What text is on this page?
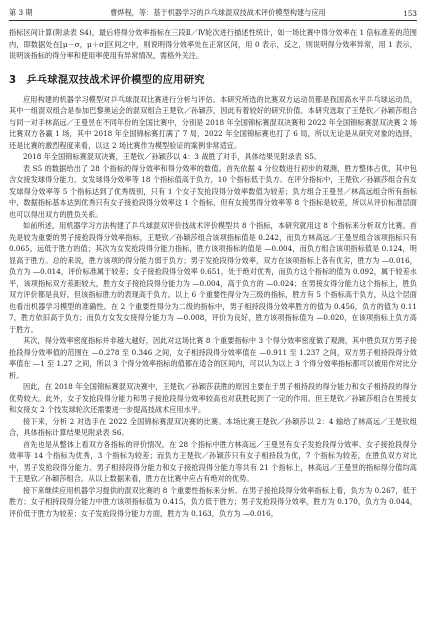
第 3 期	曹烨程，等：基于机器学习的乒乓球混双技战术评价模型构建与应用	153

指标区间计算(附录表 S4)，最后将得分效率指标在三段Ⅱ／Ⅳ轮次进行描述性统计，如一场比赛中得分效率在 1 倍标准差的范围内，即数据处在[μ－σ，μ＋σ]区间之中，则说明得分效率处在正常区间，用 0 表示，反之，则说明得分效率异常，用 1 表示，说明该指标的得分率和使用率使用有异常情况，需格外关注。

3 乒乓球混双技战术评价模型的应用研究

应用构建的机器学习模型对乒乓球混双比赛进行分析与评估。本研究所选的比赛双方运动员都是我国高水平乒乓球运动员，其中一组混双组合是参加巴黎奥运会的混双组合王楚钦／孙颖莎，因此有着较好的研究价值。本研究选取了王楚钦／孙颖莎组合与同一对手林高远／王曼昱在不同年份的全国比赛中，分别是 2018 年全国锦标赛混双决赛和 2022 年全国锦标赛混双决赛 2 场比赛双方各赢 1 场，其中 2018 年全国锦标赛打满了 7 局，2022 年全国锦标赛也打了 6 局，所以无论是从研究对象的选择，还是比赛的激烈程度来看，以这 2 场比赛作为模型验证的案例非常适宜。

2018 年全国锦标赛混双决赛，王楚钦／孙颖莎以 4：3 战胜了对手，具体结果见附录表 S5。

表 S5 的数据给出了 28 个指标的得分效率和得分效率的数值。首先依据 4 分位数进行初步的观测，胜方整体占优，其中包含女接发球得分能力、女发球得分效率等 18 个指标值高于负方，10 个指标低于负方。在评分指标中，王楚钦／孙颖莎组合有女发球得分效率等 5 个指标达到了优秀级别，只有 1 个女子发抢段得分效率数值为较差；负方组合王曼昱／林高远组合所有指标中，数据指标基本达到优秀只有女子接抢段得分效率这 1 个指标，但有女接男得分效率等 8 个指标是较差，所以从评价标准层面也可以得出双方的胜负关系。

如前所述，用机器学习方法构建了乒乓球混双评价技战术评价模型共 8 个指标，本研究就用这 8 个指标来分析双方比赛。首先是较为重要的男子接抢段得分效率指标，王楚钦／孙颖莎组合该项指标值是 0.242，而负方林高远／王曼昱组合该项指标只有 0.065，远低于胜方的值；其次为女发抢段得分能力指标，胜方该项指标的值是 —0.004，而负方组合该项指标值是 0.124，明显高于胜方。总的来说，胜方该项的得分能力弱于负方；男子发抢段得分效率，双方在该项指标上各有优劣，胜方为 —0.016，负方为 —0.014，评价标准属于较差；女子接抢段得分效率 0.651，处于绝对优秀，而负方这个指标的值为 0.092，属于较差水平，该项指标双方差距较大，胜方女子接抢段得分能力为 —0.004，高于负方的 —0.024；在男接女得分能力这个指标上，胜负双方评价都是良好，但该指标胜方的表现高于负方。以上 6 个重要性得分为三级的指标，胜方有 5 个指标高于负方，从这个层面也看出机器学习模型的准确性。在 2 个重要性得分为二级的指标中，男子相持段得分效率胜方的值为 0.456，负方的值为 0.117，胜方依旧高于负方；而负方女发女接得分能力为 —0.008，评价为良好，胜方该项指标值为 —0.020，在该项指标上负方高于胜方。

其次，得分效率密度指标并非越大越好，因此对这场比赛 8 个重要指标中 3 个得分效率密度做了观测，其中胜负双方男子接抢段得分效率值的范围在 —0.278 至 0.346 之间，女子相持段得分效率值在 —0.911 至 1.237 之间，双方男子相持段得分效率值在 —1 至 1.27 之间，所以 3 个得分效率指标的值都在适合的区间内，可以认为以上 3 个得分效率指标都可以被用作对比分析。

因此，在 2018 年全国锦标赛混双决赛中，王楚钦／孙颖莎获胜的原因主要在于男子相持段的得分能力和女子相持段的得分优势较大。此外，女子发抢段得分能力和男子接抢段得分效率较高也对获胜起到了一定的作用。但王楚钦／孙颖莎组合在男接女和女接女 2 个技发球轮次还需要进一步提高技战术应用水平。

接下来，分析 2 对选手在 2022 全国锦标赛混双决赛的比赛。本场比赛王楚钦／孙颖莎以 2：4 输给了林高远／王楚钦组合，具体指标计算结果见附录表 S6。

首先也是从整体上看双方各指标的评价情况。在 28 个指标中胜方林高远／王曼昱有女子发抢段得分效率、女子接抢段得分效率等 14 个指标为优秀，3 个指标为较差；而负方王楚钦／孙颖莎只有女子相持段为优，7 个指标为较差，在胜负双方对比中，男子发抢段得分能力、男子相持段得分能力和女子接抢段得分能力等共有 21 个指标上，林高远／王曼昱的指标得分值均高于王楚钦／孙颖莎组合。从以上数据来看，胜方在比赛中应占有绝对的优势。

接下来继续应用机器学习提供的混双比赛的 8 个重要性指标来分析。在男子接抢段得分效率指标上看，负方为 0.267，低于胜方；女子相持段得分能力中胜方该项指标值为 0.415，负方低于胜方；男子发抢段得分效率，胜方为 0.170，负方为 0.044，评价低于胜方为较差；女子发抢段得分能力方面，胜方为 0.163，负方为 —0.016，
